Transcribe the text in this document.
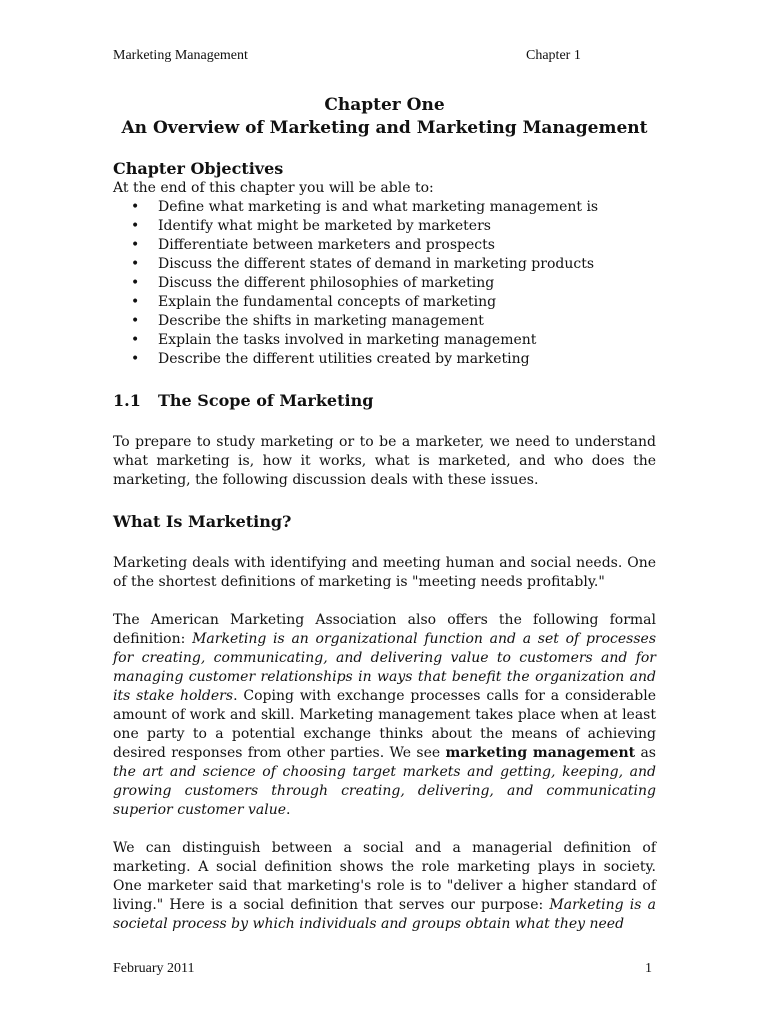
Marketing Management	Chapter 1
Chapter One
An Overview of Marketing and Marketing Management
Chapter Objectives

At the end of this chapter you will be able to:

• Define what marketing is and what marketing management is
• Identify what might be marketed by marketers
• Differentiate between marketers and prospects
• Discuss the different states of demand in marketing products
• Discuss the different philosophies of marketing
• Explain the fundamental concepts of marketing
• Describe the shifts in marketing management
• Explain the tasks involved in marketing management
• Describe the different utilities created by marketing
1.1	The Scope of Marketing

To prepare to study marketing or to be a marketer, we need to understand what marketing is, how it works, what is marketed, and who does the marketing, the following discussion deals with these issues.

What Is Marketing?

Marketing deals with identifying and meeting human and social needs. One of the shortest definitions of marketing is "meeting needs profitably."

The American Marketing Association also offers the following formal definition: Marketing is an organizational function and a set of processes for creating, communicating, and delivering value to customers and for managing customer relationships in ways that benefit the organization and its stake holders. Coping with exchange processes calls for a considerable amount of work and skill. Marketing management takes place when at least one party to a potential exchange thinks about the means of achieving desired responses from other parties. We see marketing management as the art and science of choosing target markets and getting, keeping, and growing customers through creating, delivering, and communicating superior customer value.

We can distinguish between a social and a managerial definition of marketing. A social definition shows the role marketing plays in society. One marketer said that marketing's role is to "deliver a higher standard of living." Here is a social definition that serves our purpose: Marketing is a societal process by which individuals and groups obtain what they need

February 2011	1
